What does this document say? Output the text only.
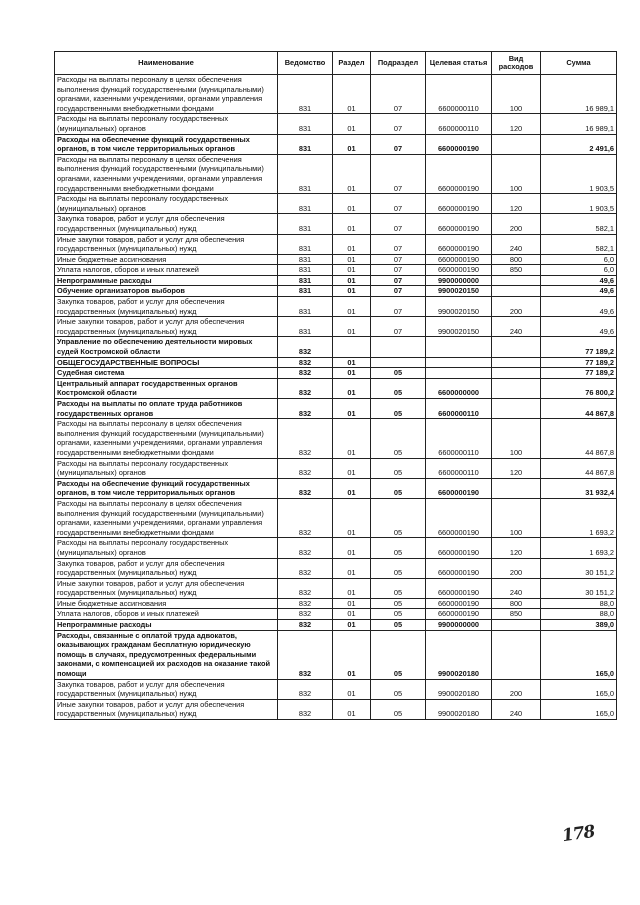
Наименование	Ведомство	Раздел	Подраздел	Целевая статья	Вид расходов	Сумма
Расходы на выплаты персоналу в целях обеспечения выполнения функций государственными (муниципальными) органами, казенными учреждениями, органами управления государственными внебюджетными фондами	831	01	07	6600000110	100	16 989,1
Расходы на выплаты персоналу государственных (муниципальных) органов	831	01	07	6600000110	120	16 989,1
Расходы на обеспечение функций государственных органов, в том числе территориальных органов	831	01	07	6600000190		2 491,6
Расходы на выплаты персоналу в целях обеспечения выполнения функций государственными (муниципальными) органами, казенными учреждениями, органами управления государственными внебюджетными фондами	831	01	07	6600000190	100	1 903,5
Расходы на выплаты персоналу государственных (муниципальных) органов	831	01	07	6600000190	120	1 903,5
Закупка товаров, работ и услуг для обеспечения государственных (муниципальных) нужд	831	01	07	6600000190	200	582,1
Иные закупки товаров, работ и услуг для обеспечения государственных (муниципальных) нужд	831	01	07	6600000190	240	582,1
Иные бюджетные ассигнования	831	01	07	6600000190	800	6,0
Уплата налогов, сборов и иных платежей	831	01	07	6600000190	850	6,0
Непрограммные расходы	831	01	07	9900000000		49,6
Обучение организаторов выборов	831	01	07	9900020150		49,6
Закупка товаров, работ и услуг для обеспечения государственных (муниципальных) нужд	831	01	07	9900020150	200	49,6
Иные закупки товаров, работ и услуг для обеспечения государственных (муниципальных) нужд	831	01	07	9900020150	240	49,6
Управление по обеспечению деятельности мировых судей Костромской области	832					77 189,2
ОБЩЕГОСУДАРСТВЕННЫЕ ВОПРОСЫ	832	01				77 189,2
Судебная система	832	01	05			77 189,2
Центральный аппарат государственных органов Костромской области	832	01	05	6600000000		76 800,2
Расходы на выплаты по оплате труда работников государственных органов	832	01	05	6600000110		44 867,8
Расходы на выплаты персоналу в целях обеспечения выполнения функций государственными (муниципальными) органами, казенными учреждениями, органами управления государственными внебюджетными фондами	832	01	05	6600000110	100	44 867,8
Расходы на выплаты персоналу государственных (муниципальных) органов	832	01	05	6600000110	120	44 867,8
Расходы на обеспечение функций государственных органов, в том числе территориальных органов	832	01	05	6600000190		31 932,4
Расходы на выплаты персоналу в целях обеспечения выполнения функций государственными (муниципальными) органами, казенными учреждениями, органами управления государственными внебюджетными фондами	832	01	05	6600000190	100	1 693,2
Расходы на выплаты персоналу государственных (муниципальных) органов	832	01	05	6600000190	120	1 693,2
Закупка товаров, работ и услуг для обеспечения государственных (муниципальных) нужд	832	01	05	6600000190	200	30 151,2
Иные закупки товаров, работ и услуг для обеспечения государственных (муниципальных) нужд	832	01	05	6600000190	240	30 151,2
Иные бюджетные ассигнования	832	01	05	6600000190	800	88,0
Уплата налогов, сборов и иных платежей	832	01	05	6600000190	850	88,0
Непрограммные расходы	832	01	05	9900000000		389,0
Расходы, связанные с оплатой труда адвокатов, оказывающих гражданам бесплатную юридическую помощь в случаях, предусмотренных федеральными законами, с компенсацией их расходов на оказание такой помощи	832	01	05	9900020180		165,0
Закупка товаров, работ и услуг для обеспечения государственных (муниципальных) нужд	832	01	05	9900020180	200	165,0
Иные закупки товаров, работ и услуг для обеспечения государственных (муниципальных) нужд	832	01	05	9900020180	240	165,0
178
